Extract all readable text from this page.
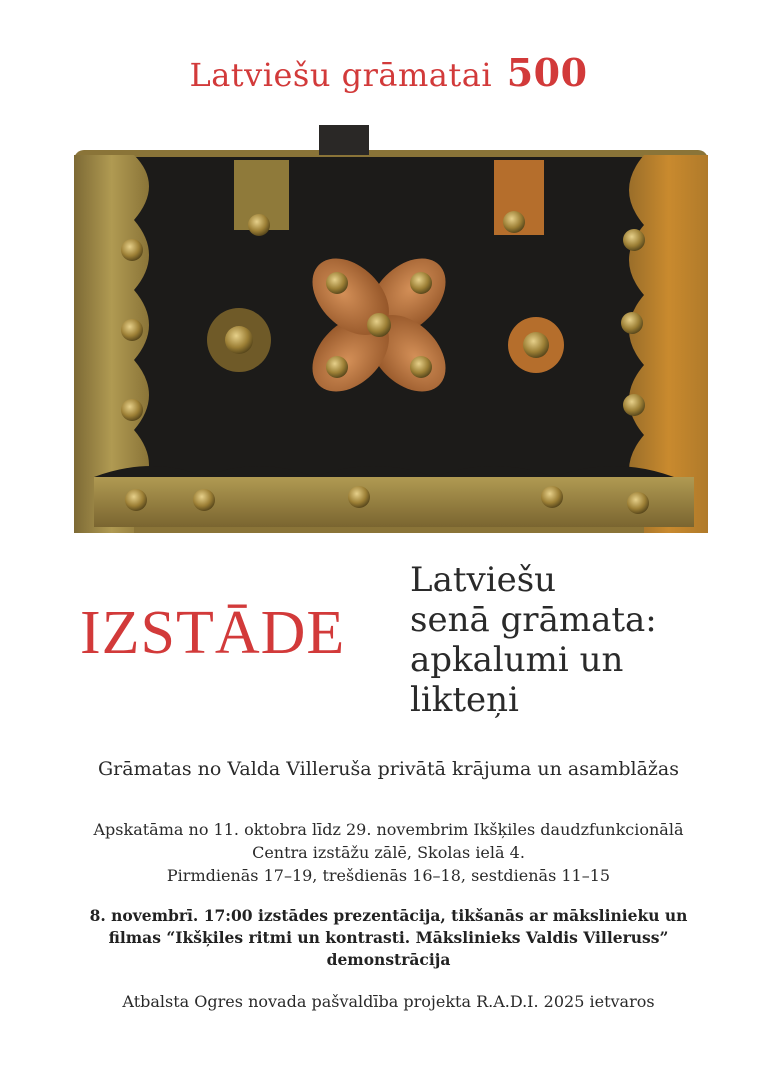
Latviešu grāmatai 500
IZSTĀDE
Latviešu
senā grāmata:
apkalumi un
likteņi
Grāmatas no Valda Villeruša privātā krājuma un asamblāžas
Apskatāma no 11. oktobra līdz 29. novembrim Ikšķiles daudzfunkcionālā
Centra izstāžu zālē, Skolas ielā 4.
Pirmdienās 17–19, trešdienās 16–18, sestdienās 11–15
8. novembrī. 17:00 izstādes prezentācija, tikšanās ar mākslinieku un
filmas “Ikšķiles ritmi un kontrasti. Mākslinieks Valdis Villeruss”
demonstrācija
Atbalsta Ogres novada pašvaldība projekta R.A.D.I. 2025 ietvaros
